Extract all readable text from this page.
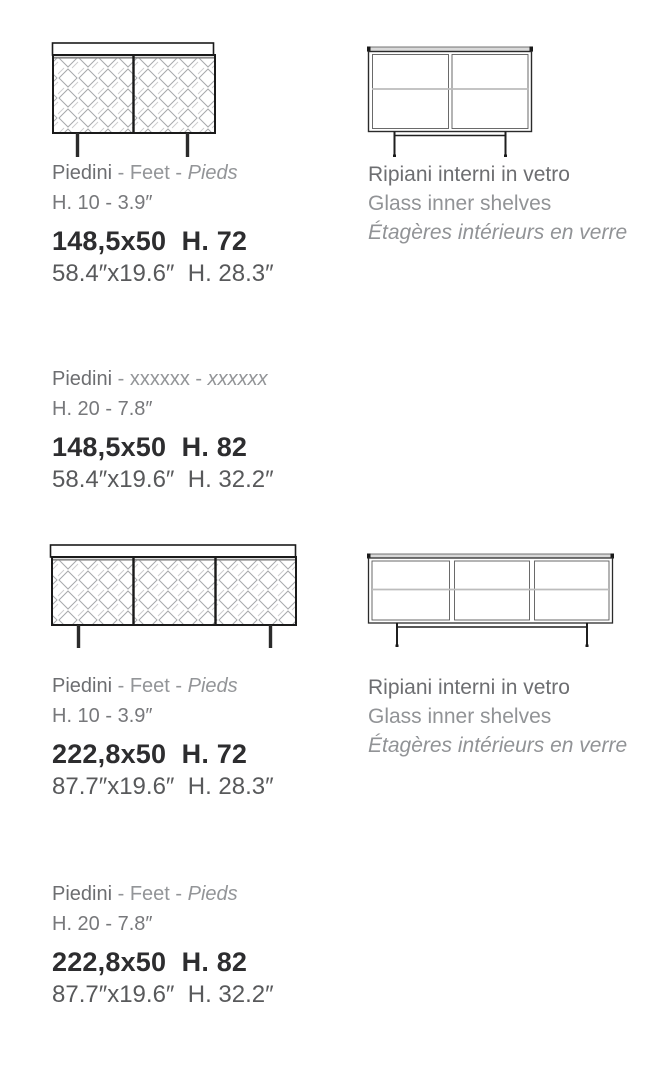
Piedini - Feet - Pieds
H. 10 - 3.9″
148,5x50  H. 72
58.4″x19.6″  H. 28.3″
Ripiani interni in vetro
Glass inner shelves
Étagères intérieurs en verre
Piedini - xxxxxx - xxxxxx
H. 20 - 7.8″
148,5x50  H. 82
58.4″x19.6″  H. 32.2″
Piedini - Feet - Pieds
H. 10 - 3.9″
222,8x50  H. 72
87.7″x19.6″  H. 28.3″
Ripiani interni in vetro
Glass inner shelves
Étagères intérieurs en verre
Piedini - Feet - Pieds
H. 20 - 7.8″
222,8x50  H. 82
87.7″x19.6″  H. 32.2″
